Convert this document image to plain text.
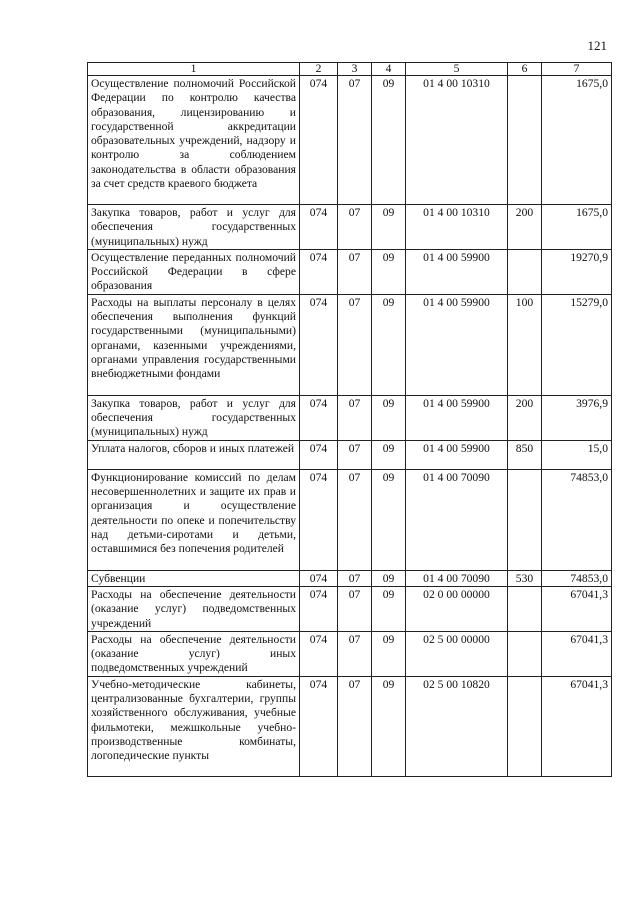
121
1	2	3	4	5	6	7
Осуществление полномочий Российской Федерации по контролю качества образования, лицензированию и государственной аккредитации образовательных учреждений, надзору и контролю за соблюдением законодательства в области образования за счет средств краевого бюджета	074	07	09	01 4 00 10310		1675,0
Закупка товаров, работ и услуг для обеспечения государственных (муниципальных) нужд	074	07	09	01 4 00 10310	200	1675,0
Осуществление переданных полномочий Российской Федерации в сфере образования	074	07	09	01 4 00 59900		19270,9
Расходы на выплаты персоналу в целях обеспечения выполнения функций государственными (муниципальными) органами, казенными учреждениями, органами управления государственными внебюджетными фондами	074	07	09	01 4 00 59900	100	15279,0
Закупка товаров, работ и услуг для обеспечения государственных (муниципальных) нужд	074	07	09	01 4 00 59900	200	3976,9
Уплата налогов, сборов и иных платежей	074	07	09	01 4 00 59900	850	15,0
Функционирование комиссий по делам несовершеннолетних и защите их прав и организация и осуществление деятельности по опеке и попечительству над детьми-сиротами и детьми, оставшимися без попечения родителей	074	07	09	01 4 00 70090		74853,0
Субвенции	074	07	09	01 4 00 70090	530	74853,0
Расходы на обеспечение деятельности (оказание услуг) подведомственных учреждений	074	07	09	02 0 00 00000		67041,3
Расходы на обеспечение деятельности (оказание услуг) иных подведомственных учреждений	074	07	09	02 5 00 00000		67041,3
Учебно-методические кабинеты, централизованные бухгалтерии, группы хозяйственного обслуживания, учебные фильмотеки, межшкольные учебно-производственные комбинаты, логопедические пункты	074	07	09	02 5 00 10820		67041,3
